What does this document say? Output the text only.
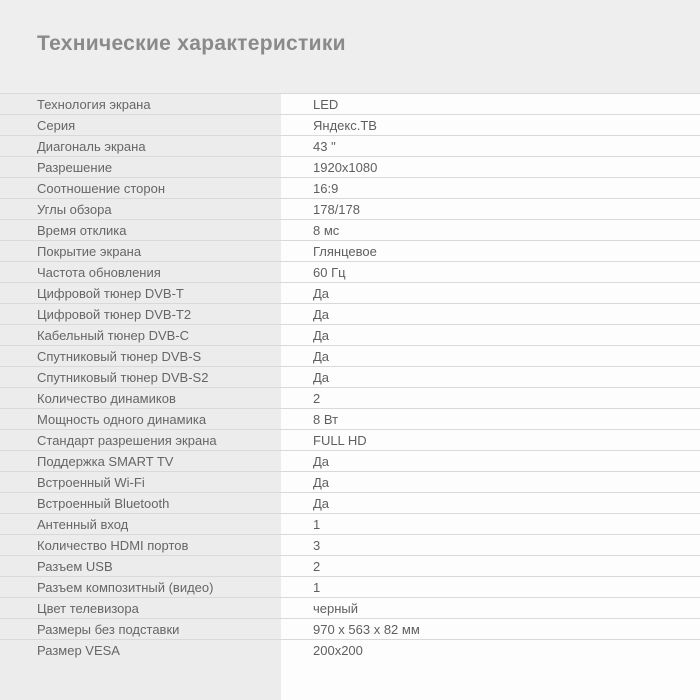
Технические характеристики
Технология экрана	LED
Серия	Яндекс.ТВ
Диагональ экрана	43 "
Разрешение	1920x1080
Соотношение сторон	16:9
Углы обзора	178/178
Время отклика	8 мс
Покрытие экрана	Глянцевое
Частота обновления	60 Гц
Цифровой тюнер DVB-T	Да
Цифровой тюнер DVB-T2	Да
Кабельный тюнер DVB-C	Да
Спутниковый тюнер DVB-S	Да
Спутниковый тюнер DVB-S2	Да
Количество динамиков	2
Мощность одного динамика	8 Вт
Стандарт разрешения экрана	FULL HD
Поддержка SMART TV	Да
Встроенный Wi-Fi	Да
Встроенный Bluetooth	Да
Антенный вход	1
Количество HDMI портов	3
Разъем USB	2
Разъем композитный (видео)	1
Цвет телевизора	черный
Размеры без подставки	970 x 563 x 82 мм
Размер VESA	200x200
